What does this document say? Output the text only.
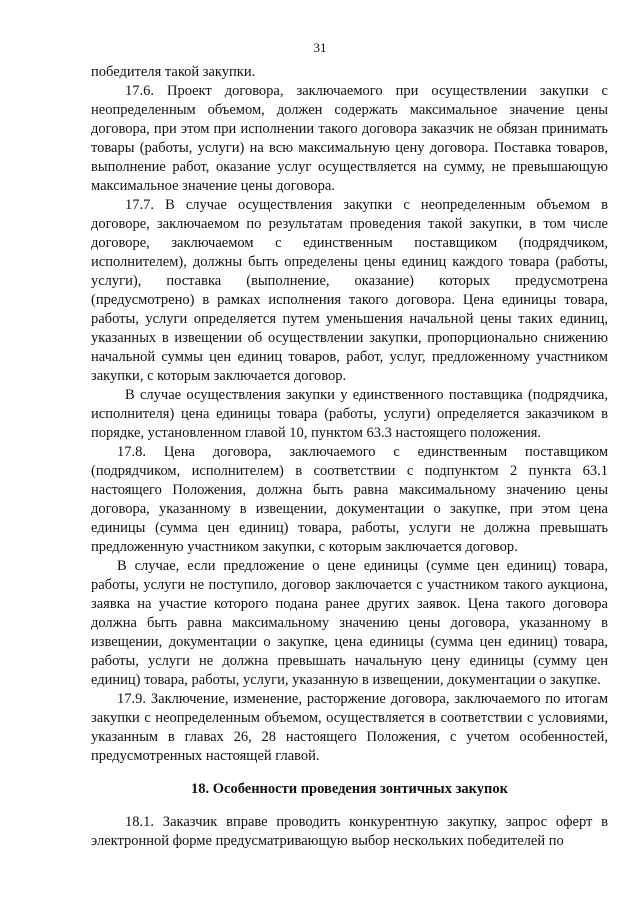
31

победителя такой закупки.

17.6. Проект договора, заключаемого при осуществлении закупки с неопределенным объемом, должен содержать максимальное значение цены договора, при этом при исполнении такого договора заказчик не обязан принимать товары (работы, услуги) на всю максимальную цену договора. Поставка товаров, выполнение работ, оказание услуг осуществляется на сумму, не превышающую максимальное значение цены договора.

17.7. В случае осуществления закупки с неопределенным объемом в договоре, заключаемом по результатам проведения такой закупки, в том числе договоре, заключаемом с единственным поставщиком (подрядчиком, исполнителем), должны быть определены цены единиц каждого товара (работы, услуги), поставка (выполнение, оказание) которых предусмотрена (предусмотрено) в рамках исполнения такого договора. Цена единицы товара, работы, услуги определяется путем уменьшения начальной цены таких единиц, указанных в извещении об осуществлении закупки, пропорционально снижению начальной суммы цен единиц товаров, работ, услуг, предложенному участником закупки, с которым заключается договор.

В случае осуществления закупки у единственного поставщика (подрядчика, исполнителя) цена единицы товара (работы, услуги) определяется заказчиком в порядке, установленном главой 10, пунктом 63.3 настоящего положения.

17.8. Цена договора, заключаемого с единственным поставщиком (подрядчиком, исполнителем) в соответствии с подпунктом 2 пункта 63.1 настоящего Положения, должна быть равна максимальному значению цены договора, указанному в извещении, документации о закупке, при этом цена единицы (сумма цен единиц) товара, работы, услуги не должна превышать предложенную участником закупки, с которым заключается договор.

В случае, если предложение о цене единицы (сумме цен единиц) товара, работы, услуги не поступило, договор заключается с участником такого аукциона, заявка на участие которого подана ранее других заявок. Цена такого договора должна быть равна максимальному значению цены договора, указанному в извещении, документации о закупке, цена единицы (сумма цен единиц) товара, работы, услуги не должна превышать начальную цену единицы (сумму цен единиц) товара, работы, услуги, указанную в извещении, документации о закупке.

17.9. Заключение, изменение, расторжение договора, заключаемого по итогам закупки с неопределенным объемом, осуществляется в соответствии с условиями, указанным в главах 26, 28 настоящего Положения, с учетом особенностей, предусмотренных настоящей главой.

18. Особенности проведения зонтичных закупок

18.1. Заказчик вправе проводить конкурентную закупку, запрос оферт в электронной форме предусматривающую выбор нескольких победителей по
